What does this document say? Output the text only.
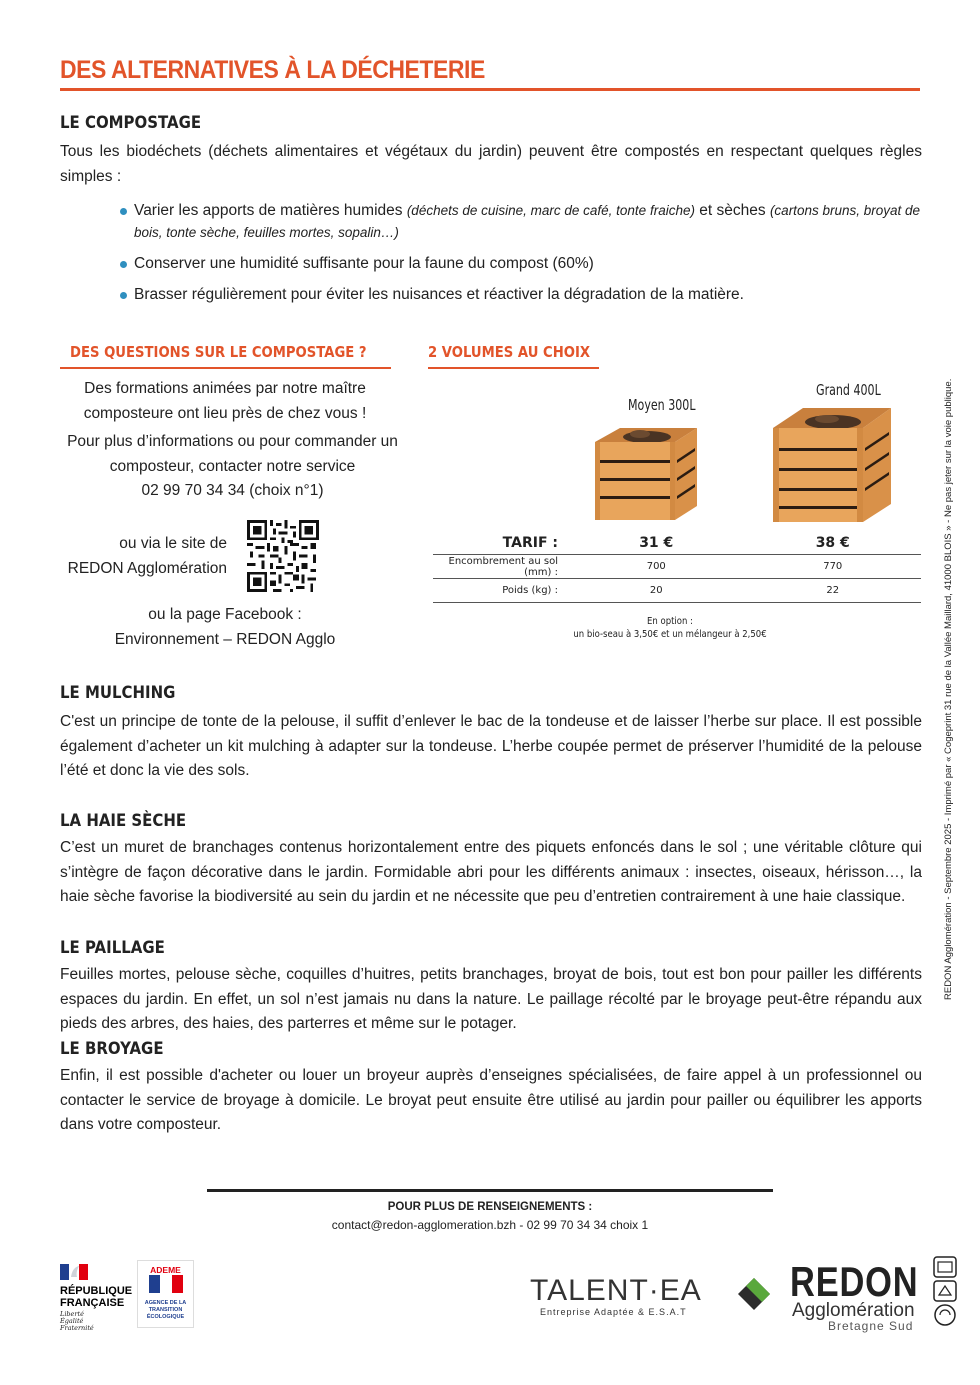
DES ALTERNATIVES À LA DÉCHETERIE
LE COMPOSTAGE
Tous les biodéchets (déchets alimentaires et végétaux du jardin) peuvent être compostés en respectant quelques règles simples :
Varier les apports de matières humides (déchets de cuisine, marc de café, tonte fraiche) et sèches (cartons bruns, broyat de bois, tonte sèche, feuilles mortes, sopalin…)
Conserver une humidité suffisante pour la faune du compost (60%)
Brasser régulièrement pour éviter les nuisances et réactiver la dégradation de la matière.
DES QUESTIONS SUR LE COMPOSTAGE ?
Des formations animées par notre maître composteure ont lieu près de chez vous !
Pour plus d’informations ou pour commander un composteur, contacter notre service
02 99 70 34 34 (choix n°1)
ou via le site de
REDON Agglomération
ou la page Facebook :
Environnement – REDON Agglo
2 VOLUMES AU CHOIX
Moyen 300L
Grand 400L
TARIF :	31 €	38 €
Encombrement au sol (mm) :	700	770
Poids (kg) :	20	22

En option :
un bio-seau à 3,50€ et un mélangeur à 2,50€
LE MULCHING
C'est un principe de tonte de la pelouse, il suffit d’enlever le bac de la tondeuse et de laisser l’herbe sur place. Il est possible également d’acheter un kit mulching à adapter sur la tondeuse. L’herbe coupée permet de préserver l’humidité de la pelouse l’été et donc la vie des sols.
LA HAIE SÈCHE
C’est un muret de branchages contenus horizontalement entre des piquets enfoncés dans le sol ; une véritable clôture qui s’intègre de façon décorative dans le jardin. Formidable abri pour les différents animaux : insectes, oiseaux, hérisson…, la haie sèche favorise la biodiversité au sein du jardin et ne nécessite que peu d’entretien contrairement à une haie classique.
LE PAILLAGE
Feuilles mortes, pelouse sèche, coquilles d’huitres, petits branchages, broyat de bois, tout est bon pour pailler les différents espaces du jardin. En effet, un sol n’est jamais nu dans la nature. Le paillage récolté par le broyage peut-être répandu aux pieds des arbres, des haies, des parterres et même sur le potager.
LE BROYAGE
Enfin, il est possible d'acheter ou louer un broyeur auprès d’enseignes spécialisées, de faire appel à un professionnel ou contacter le service de broyage à domicile. Le broyat peut ensuite être utilisé au jardin pour pailler ou équilibrer les apports dans votre composteur.
POUR PLUS DE RENSEIGNEMENTS :
contact@redon-agglomeration.bzh - 02 99 70 34 34 choix 1
REDON Agglomération - Septembre 2025 - Imprimé par « Cogeprint 31 rue de la Vallée Maillard, 41000 BLOIS » - Ne pas jeter sur la voie publique.
RÉPUBLIQUE
FRANÇAISE
Liberté
Égalité
Fraternité
ADEME
AGENCE DE LA TRANSITION ÉCOLOGIQUE
TALENT·EA
Entreprise Adaptée & E.S.A.T
REDON
Agglomération
Bretagne Sud
